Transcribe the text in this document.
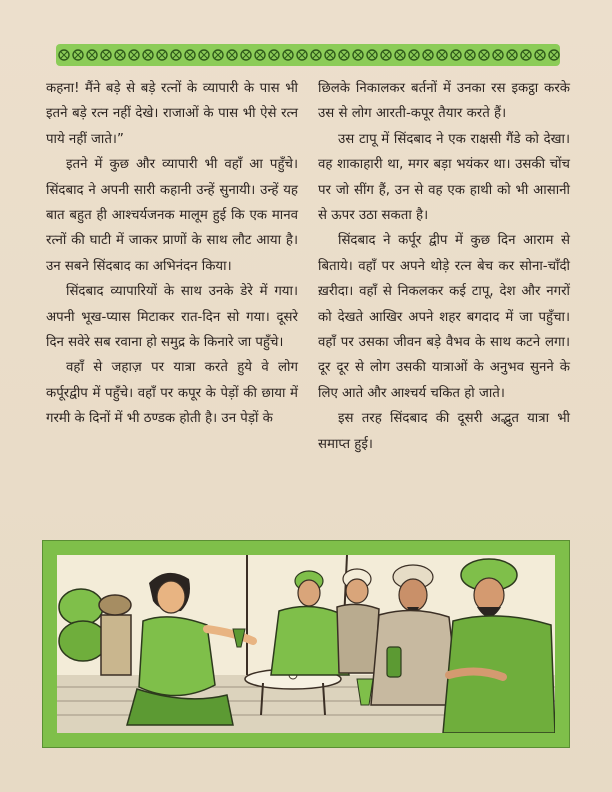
कहना! मैंने बड़े से बड़े रत्नों के व्यापारी के पास भी इतने बड़े रत्न नहीं देखे। राजाओं के पास भी ऐसे रत्न पाये नहीं जाते।”

इतने में कुछ और व्यापारी भी वहाँ आ पहुँचे। सिंदबाद ने अपनी सारी कहानी उन्हें सुनायी। उन्हें यह बात बहुत ही आश्चर्यजनक मालूम हुई कि एक मानव रत्नों की घाटी में जाकर प्राणों के साथ लौट आया है। उन सबने सिंदबाद का अभिनंदन किया।

सिंदबाद व्यापारियों के साथ उनके डेरे में गया। अपनी भूख-प्यास मिटाकर रात-दिन सो गया। दूसरे दिन सवेरे सब रवाना हो समुद्र के किनारे जा पहुँचे।

वहाँ से जहाज़ पर यात्रा करते हुये वे लोग कर्पूरद्वीप में पहुँचे। वहाँ पर कपूर के पेड़ों की छाया में गरमी के दिनों में भी ठण्डक होती है। उन पेड़ों के

छिलके निकालकर बर्तनों में उनका रस इकट्ठा करके उस से लोग आरती-कपूर तैयार करते हैं।

उस टापू में सिंदबाद ने एक राक्षसी गैंडे को देखा। वह शाकाहारी था, मगर बड़ा भयंकर था। उसकी चोंच पर जो सींग हैं, उन से वह एक हाथी को भी आसानी से ऊपर उठा सकता है।

सिंदबाद ने कर्पूर द्वीप में कुछ दिन आराम से बिताये। वहाँ पर अपने थोड़े रत्न बेच कर सोना-चाँदी ख़रीदा। वहाँ से निकलकर कई टापू, देश और नगरों को देखते आखिर अपने शहर बगदाद में जा पहुँचा। वहाँ पर उसका जीवन बड़े वैभव के साथ कटने लगा। दूर दूर से लोग उसकी यात्राओं के अनुभव सुनने के लिए आते और आश्चर्य चकित हो जाते।

इस तरह सिंदबाद की दूसरी अद्भुत यात्रा भी समाप्त हुई।
